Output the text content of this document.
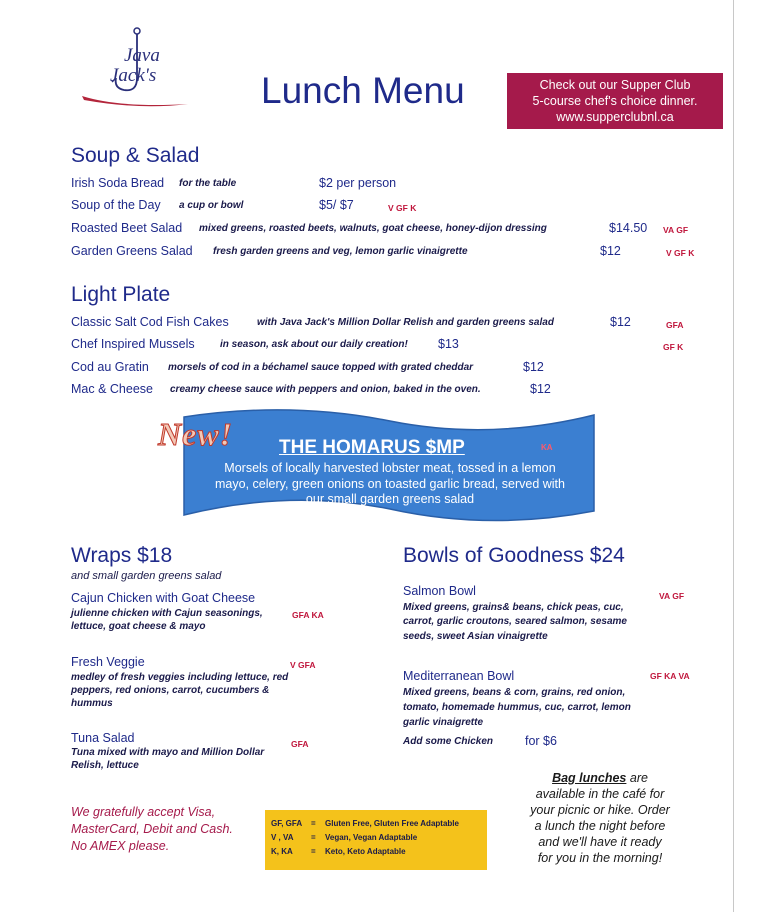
Java
Jack's	Lunch Menu	Check out our Supper Club
5-course chef's choice dinner.
www.supperclubnl.ca
Soup & Salad
Irish Soda Bread for the table	$2 per person
Soup of the Day a cup or bowl	$5/ $7	V GF K
Roasted Beet Salad mixed greens, roasted beets, walnuts, goat cheese, honey-dijon dressing	$14.50 VA GF
Garden Greens Salad fresh garden greens and veg, lemon garlic vinaigrette	$12	V GF K
Light Plate
Classic Salt Cod Fish Cakes	with Java Jack's Million Dollar Relish and garden greens salad	$12	GFA
Chef Inspired Mussels	in season, ask about our daily creation! $13	GF K
Cod au Gratin morsels of cod in a béchamel sauce topped with grated cheddar	$12
Mac & Cheese creamy cheese sauce with peppers and onion, baked in the oven.	$12
New! THE HOMARUS $MP	KA
Morsels of locally harvested lobster meat, tossed in a lemon
mayo, celery, green onions on toasted garlic bread, served with
our small garden greens salad
Wraps $18
and small garden greens salad
Cajun Chicken with Goat Cheese
julienne chicken with Cajun seasonings,	GFA KA
lettuce, goat cheese & mayo
Fresh Veggie	V GFA
medley of fresh veggies including lettuce, red
peppers, red onions, carrot, cucumbers &
hummus
Tuna Salad	GFA
Tuna mixed with mayo and Million Dollar
Relish, lettuce
Bowls of Goodness $24
Salmon Bowl	VA GF
Mixed greens, grains& beans, chick peas, cuc,
carrot, garlic croutons, seared salmon, sesame
seeds, sweet Asian vinaigrette
Mediterranean Bowl	GF KA VA
Mixed greens, beans & corn, grains, red onion,
tomato, homemade hummus, cuc, carrot, lemon
garlic vinaigrette
Add some Chicken	for $6
We gratefully accept Visa,
MasterCard, Debit and Cash.
No AMEX please.
GF, GFA	=	Gluten Free, Gluten Free Adaptable
V , VA	=	Vegan, Vegan Adaptable
K, KA	=	Keto, Keto Adaptable
Bag lunches are
available in the café for
your picnic or hike. Order
a lunch the night before
and we'll have it ready
for you in the morning!
